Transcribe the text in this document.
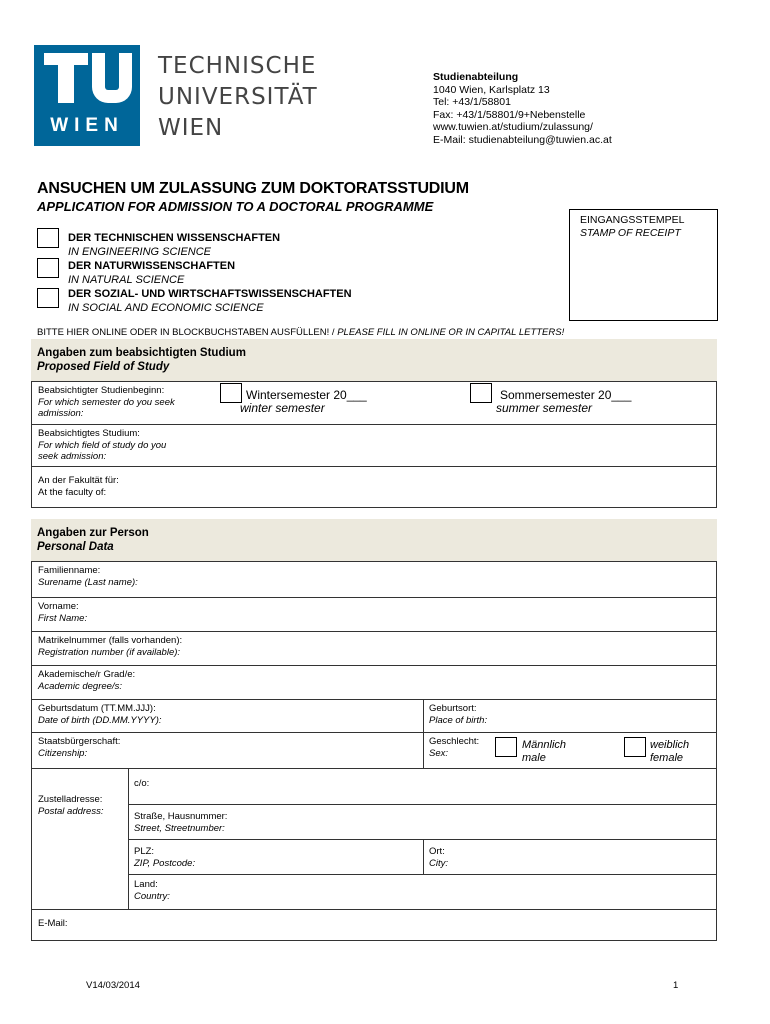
WIEN
TECHNISCHE
UNIVERSITÄT
WIEN
Studienabteilung
1040 Wien, Karlsplatz 13
Tel: +43/1/58801
Fax: +43/1/58801/9+Nebenstelle
www.tuwien.at/studium/zulassung/
E-Mail: studienabteilung@tuwien.ac.at
ANSUCHEN UM ZULASSUNG ZUM DOKTORATSSTUDIUM
APPLICATION FOR ADMISSION TO A DOCTORAL PROGRAMME
EINGANGSSTEMPEL
STAMP OF RECEIPT
DER TECHNISCHEN WISSENSCHAFTEN
IN ENGINEERING SCIENCE
DER NATURWISSENSCHAFTEN
IN NATURAL SCIENCE
DER SOZIAL- UND WIRTSCHAFTSWISSENSCHAFTEN
IN SOCIAL AND ECONOMIC SCIENCE
BITTE HIER ONLINE ODER IN BLOCKBUCHSTABEN AUSFÜLLEN! / PLEASE FILL IN ONLINE OR IN CAPITAL LETTERS!
Angaben zum beabsichtigten Studium
Proposed Field of Study
Beabsichtigter Studienbeginn:
For which semester do you seek
admission:
Beabsichtigtes Studium:
For which field of study do you
seek admission:
An der Fakultät für:
At the faculty of:
Wintersemester 20___
winter semester
Sommersemester 20___
summer semester
Angaben zur Person
Personal Data
Familienname:
Surename (Last name):
Vorname:
First Name:
Matrikelnummer (falls vorhanden):
Registration number (if available):
Akademische/r Grad/e:
Academic degree/s:
Geburtsdatum (TT.MM.JJJ):
Date of birth (DD.MM.YYYY):
Geburtsort:
Place of birth:
Staatsbürgerschaft:
Citizenship:
Geschlecht:
Sex:
Zustelladresse:
Postal address:
c/o:
Straße, Hausnummer:
Street, Streetnumber:
PLZ:
ZIP, Postcode:
Ort:
City:
Land:
Country:
E-Mail:
Männlich
male
weiblich
female
V14/03/2014	1
